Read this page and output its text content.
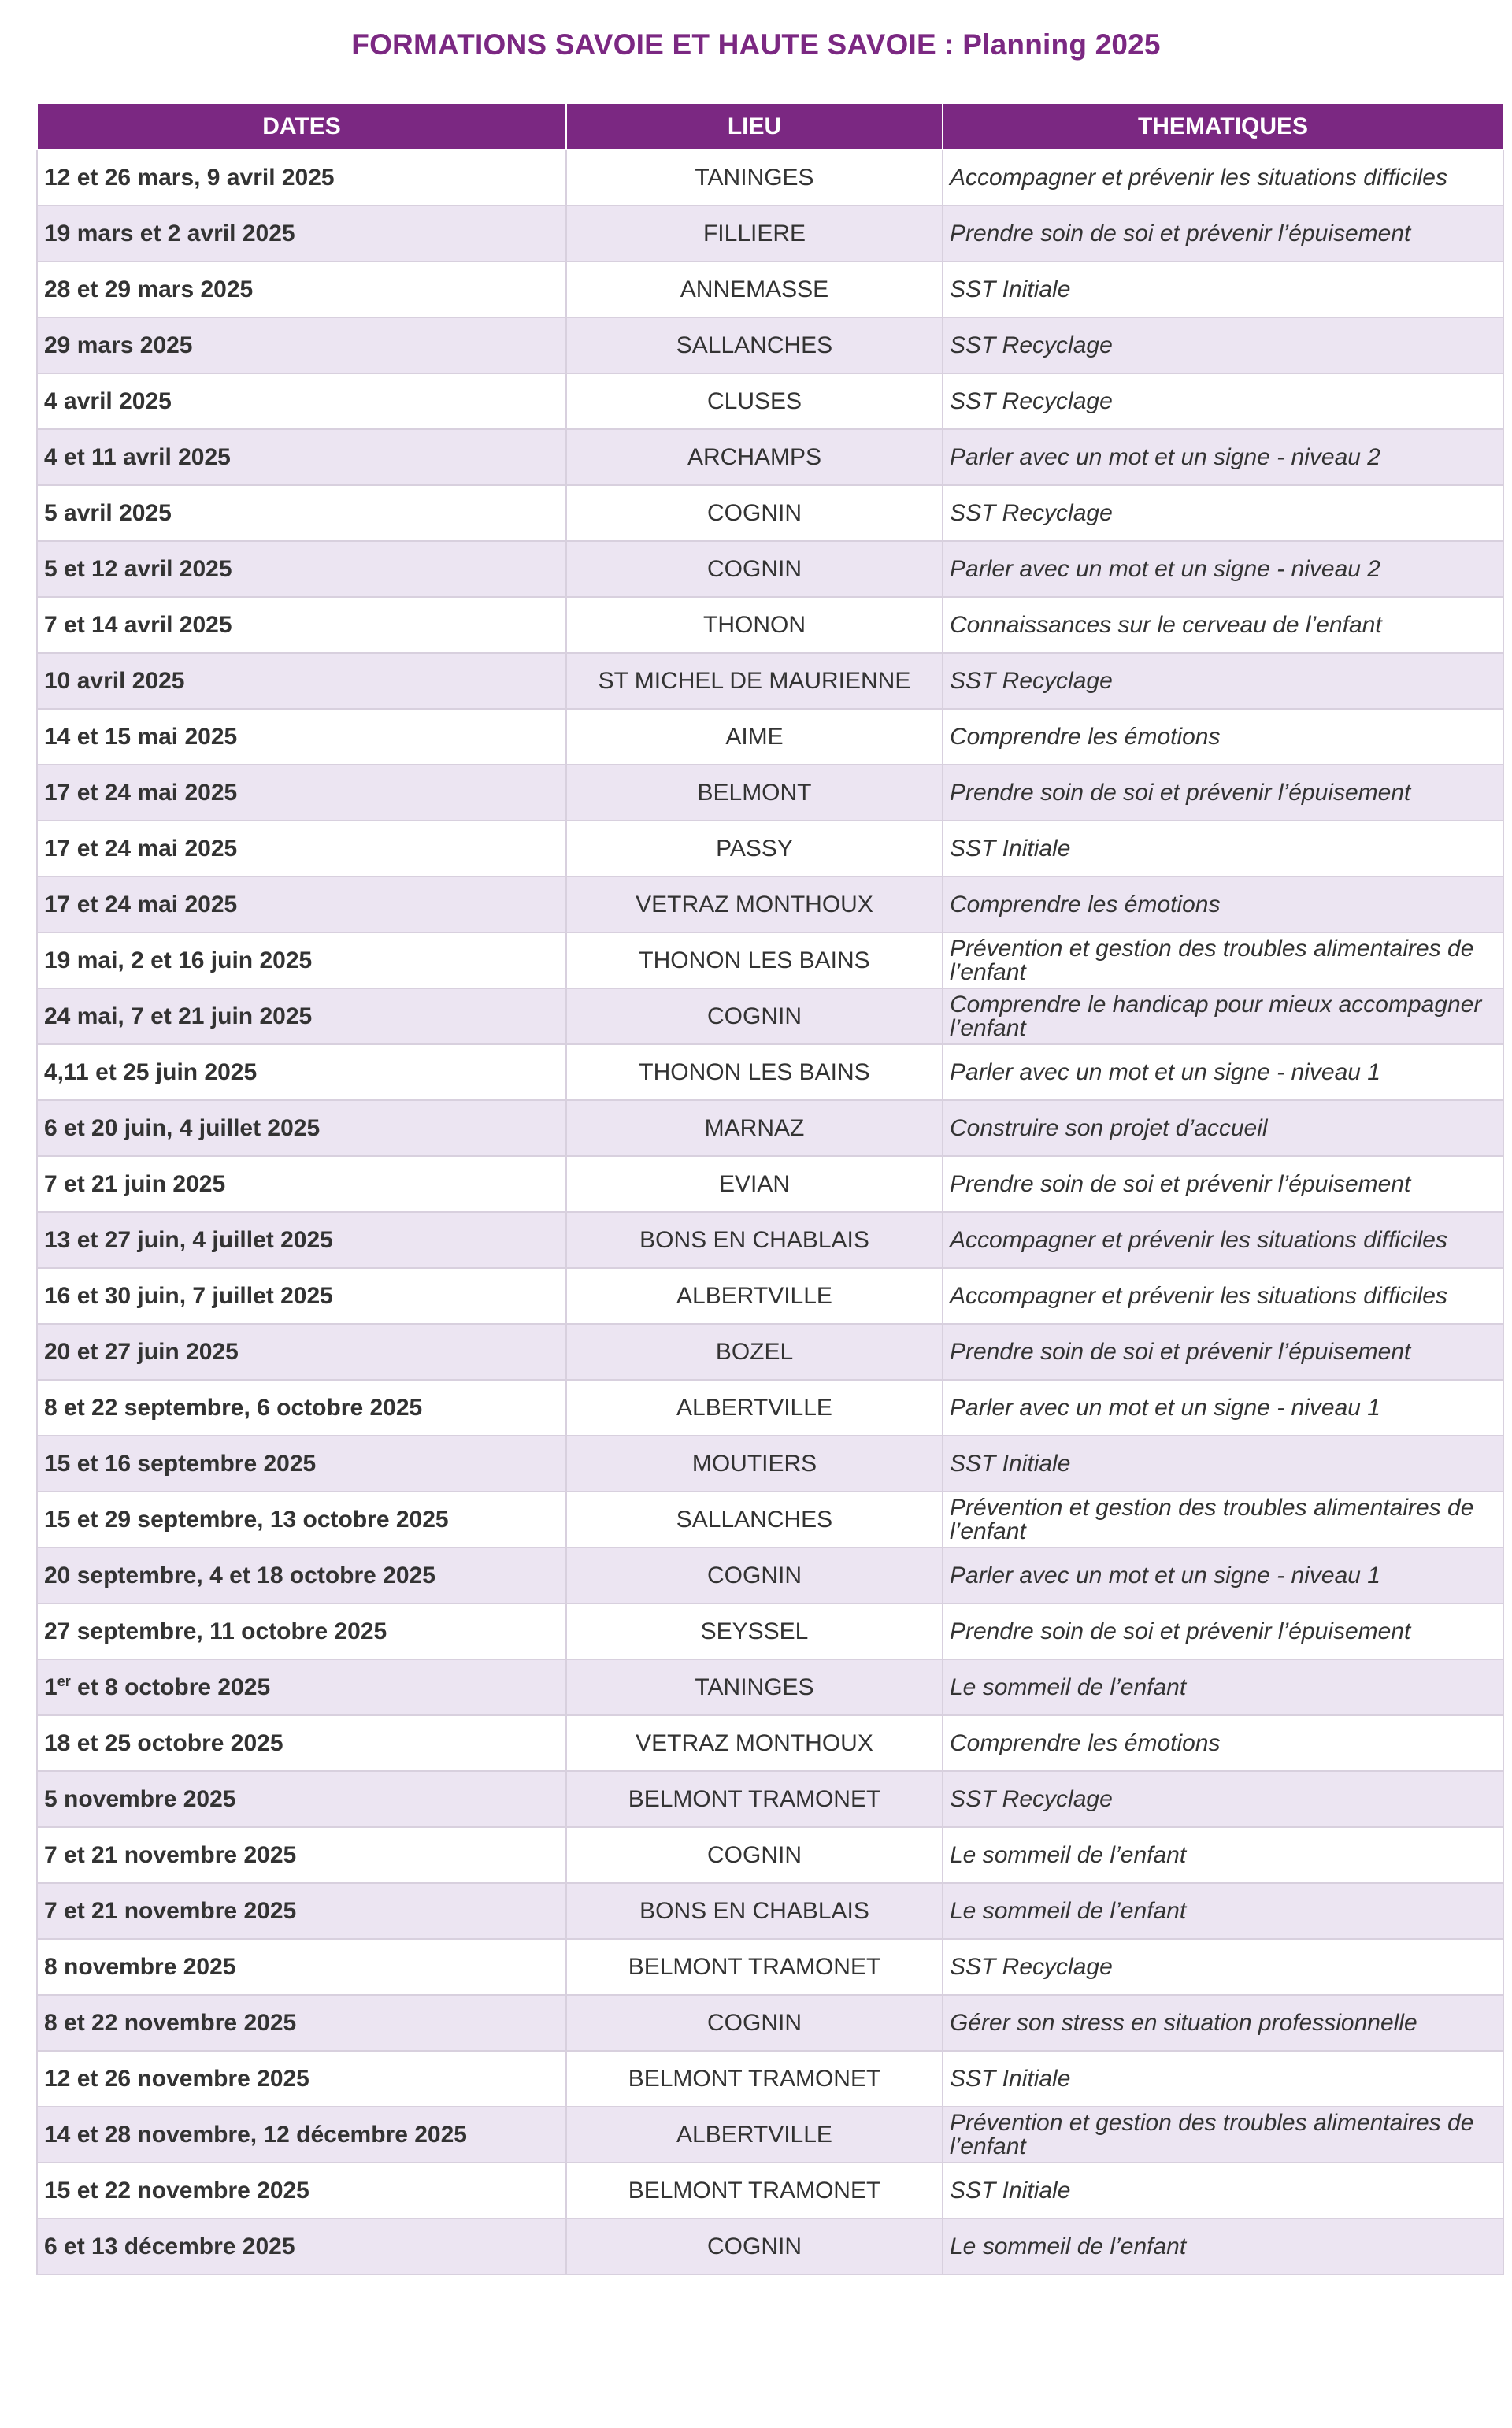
FORMATIONS SAVOIE ET HAUTE SAVOIE : Planning 2025
DATES	LIEU	THEMATIQUES
12 et 26 mars, 9 avril 2025	TANINGES	Accompagner et prévenir les situations difficiles
19 mars et 2 avril 2025	FILLIERE	Prendre soin de soi et prévenir l’épuisement
28 et 29 mars 2025	ANNEMASSE	SST Initiale
29 mars 2025	SALLANCHES	SST Recyclage
4 avril 2025	CLUSES	SST Recyclage
4 et 11 avril 2025	ARCHAMPS	Parler avec un mot et un signe - niveau 2
5 avril 2025	COGNIN	SST Recyclage
5 et 12 avril 2025	COGNIN	Parler avec un mot et un signe - niveau 2
7 et 14 avril 2025	THONON	Connaissances sur le cerveau de l’enfant
10 avril 2025	ST MICHEL DE MAURIENNE	SST Recyclage
14 et 15 mai 2025	AIME	Comprendre les émotions
17 et 24 mai 2025	BELMONT	Prendre soin de soi et prévenir l’épuisement
17 et 24 mai 2025	PASSY	SST Initiale
17 et 24 mai 2025	VETRAZ MONTHOUX	Comprendre les émotions
19 mai, 2 et 16 juin 2025	THONON LES BAINS	Prévention et gestion des troubles alimentaires de l’enfant
24 mai, 7 et 21 juin 2025	COGNIN	Comprendre le handicap pour mieux accompagner l’enfant
4,11 et 25 juin 2025	THONON LES BAINS	Parler avec un mot et un signe - niveau 1
6 et 20 juin, 4 juillet 2025	MARNAZ	Construire son projet d’accueil
7 et 21 juin 2025	EVIAN	Prendre soin de soi et prévenir l’épuisement
13 et 27 juin, 4 juillet 2025	BONS EN CHABLAIS	Accompagner et prévenir les situations difficiles
16 et 30 juin, 7 juillet 2025	ALBERTVILLE	Accompagner et prévenir les situations difficiles
20 et 27 juin 2025	BOZEL	Prendre soin de soi et prévenir l’épuisement
8 et 22 septembre, 6 octobre 2025	ALBERTVILLE	Parler avec un mot et un signe - niveau 1
15 et 16 septembre 2025	MOUTIERS	SST Initiale
15 et 29 septembre, 13 octobre 2025	SALLANCHES	Prévention et gestion des troubles alimentaires de l’enfant
20 septembre, 4 et 18 octobre 2025	COGNIN	Parler avec un mot et un signe - niveau 1
27 septembre, 11 octobre 2025	SEYSSEL	Prendre soin de soi et prévenir l’épuisement
1er et 8 octobre 2025	TANINGES	Le sommeil de l’enfant
18 et 25 octobre 2025	VETRAZ MONTHOUX	Comprendre les émotions
5 novembre 2025	BELMONT TRAMONET	SST Recyclage
7 et 21 novembre 2025	COGNIN	Le sommeil de l’enfant
7 et 21 novembre 2025	BONS EN CHABLAIS	Le sommeil de l’enfant
8 novembre 2025	BELMONT TRAMONET	SST Recyclage
8 et 22 novembre 2025	COGNIN	Gérer son stress en situation professionnelle
12 et 26 novembre 2025	BELMONT TRAMONET	SST Initiale
14 et 28 novembre, 12 décembre 2025	ALBERTVILLE	Prévention et gestion des troubles alimentaires de l’enfant
15 et 22 novembre 2025	BELMONT TRAMONET	SST Initiale
6 et 13 décembre 2025	COGNIN	Le sommeil de l’enfant
